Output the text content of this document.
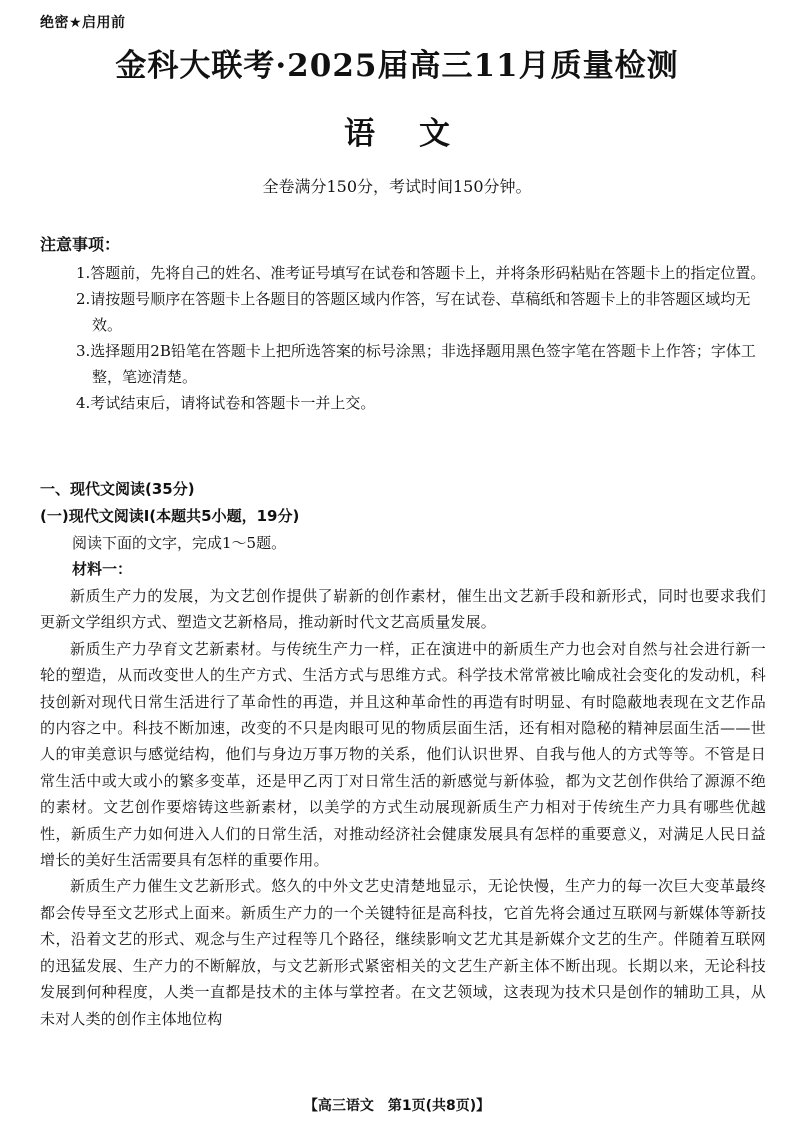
绝密★启用前
金科大联考·2025届高三11月质量检测
语文
全卷满分150分，考试时间150分钟。
注意事项：
1.答题前，先将自己的姓名、准考证号填写在试卷和答题卡上，并将条形码粘贴在答题卡上的指定位置。
2.请按题号顺序在答题卡上各题目的答题区域内作答，写在试卷、草稿纸和答题卡上的非答题区域均无效。
3.选择题用2B铅笔在答题卡上把所选答案的标号涂黑；非选择题用黑色签字笔在答题卡上作答；字体工整，笔迹清楚。
4.考试结束后，请将试卷和答题卡一并上交。
一、现代文阅读(35分)
(一)现代文阅读Ⅰ(本题共5小题，19分)
阅读下面的文字，完成1～5题。
材料一：

新质生产力的发展，为文艺创作提供了崭新的创作素材，催生出文艺新手段和新形式，同时也要求我们更新文学组织方式、塑造文艺新格局，推动新时代文艺高质量发展。

新质生产力孕育文艺新素材。与传统生产力一样，正在演进中的新质生产力也会对自然与社会进行新一轮的塑造，从而改变世人的生产方式、生活方式与思维方式。科学技术常常被比喻成社会变化的发动机，科技创新对现代日常生活进行了革命性的再造，并且这种革命性的再造有时明显、有时隐蔽地表现在文艺作品的内容之中。科技不断加速，改变的不只是肉眼可见的物质层面生活，还有相对隐秘的精神层面生活——世人的审美意识与感觉结构，他们与身边万事万物的关系，他们认识世界、自我与他人的方式等等。不管是日常生活中或大或小的繁多变革，还是甲乙丙丁对日常生活的新感觉与新体验，都为文艺创作供给了源源不绝的素材。文艺创作要熔铸这些新素材，以美学的方式生动展现新质生产力相对于传统生产力具有哪些优越性，新质生产力如何进入人们的日常生活，对推动经济社会健康发展具有怎样的重要意义，对满足人民日益增长的美好生活需要具有怎样的重要作用。

新质生产力催生文艺新形式。悠久的中外文艺史清楚地显示，无论快慢，生产力的每一次巨大变革最终都会传导至文艺形式上面来。新质生产力的一个关键特征是高科技，它首先将会通过互联网与新媒体等新技术，沿着文艺的形式、观念与生产过程等几个路径，继续影响文艺尤其是新媒介文艺的生产。伴随着互联网的迅猛发展、生产力的不断解放，与文艺新形式紧密相关的文艺生产新主体不断出现。长期以来，无论科技发展到何种程度，人类一直都是技术的主体与掌控者。在文艺领域，这表现为技术只是创作的辅助工具，从未对人类的创作主体地位构

【高三语文　第1页(共8页)】
